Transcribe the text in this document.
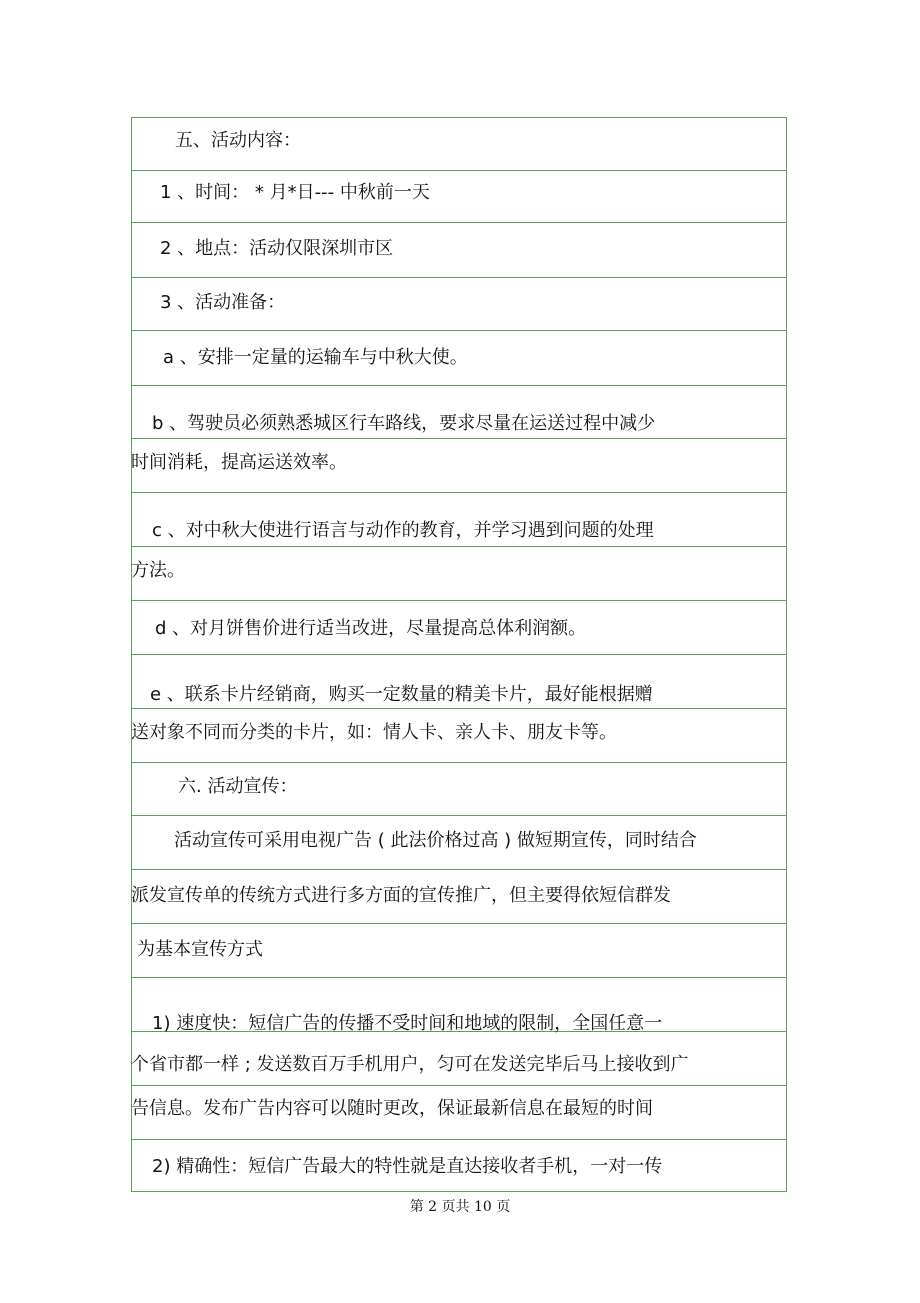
五、活动内容：
1 、时间： * 月*日--- 中秋前一天
2 、地点：活动仅限深圳市区
3 、活动准备：
a 、安排一定量的运输车与中秋大使。
b 、驾驶员必须熟悉城区行车路线，要求尽量在运送过程中减少
时间消耗，提高运送效率。
c 、对中秋大使进行语言与动作的教育，并学习遇到问题的处理
方法。
d 、对月饼售价进行适当改进，尽量提高总体利润额。
e 、联系卡片经销商，购买一定数量的精美卡片，最好能根据赠
送对象不同而分类的卡片，如：情人卡、亲人卡、朋友卡等。
六. 活动宣传：
活动宣传可采用电视广告 ( 此法价格过高 ) 做短期宣传，同时结合
派发宣传单的传统方式进行多方面的宣传推广，但主要得依短信群发
为基本宣传方式
1) 速度快：短信广告的传播不受时间和地域的限制，全国任意一
个省市都一样 ; 发送数百万手机用户，匀可在发送完毕后马上接收到广
告信息。发布广告内容可以随时更改，保证最新信息在最短的时间
2) 精确性：短信广告最大的特性就是直达接收者手机，一对一传
第 2 页共 10 页
